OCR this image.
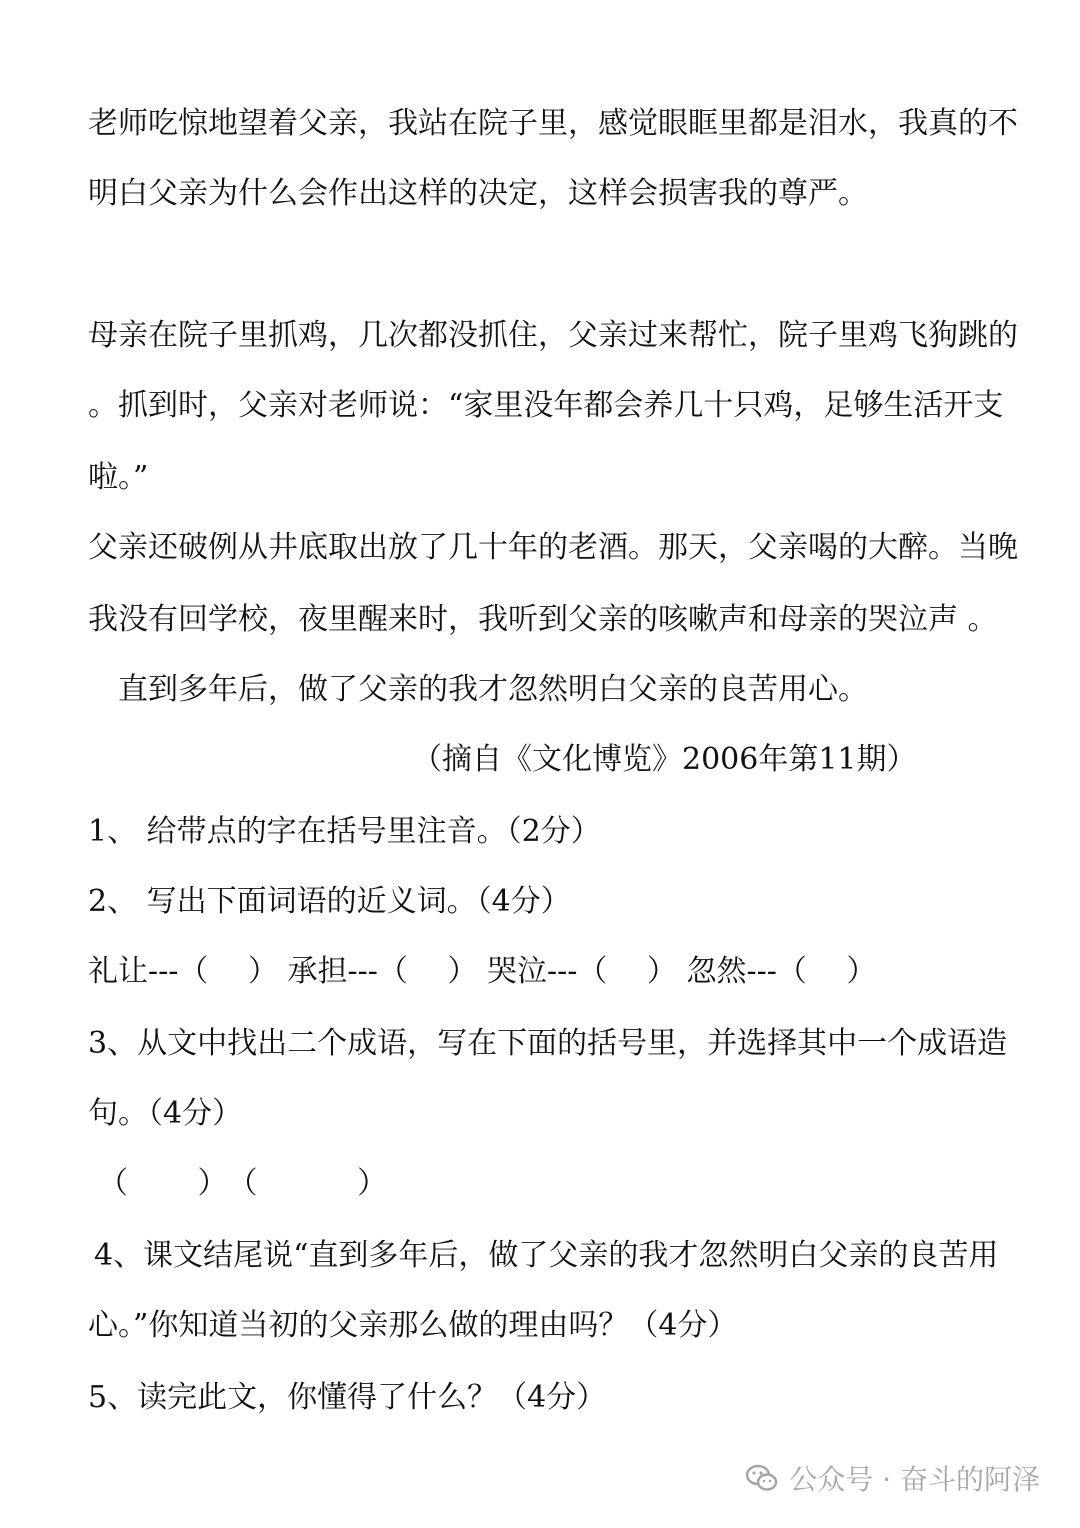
老师吃惊地望着父亲，我站在院子里，感觉眼眶里都是泪水，我真的不
明白父亲为什么会作出这样的决定，这样会损害我的尊严。
母亲在院子里抓鸡，几次都没抓住，父亲过来帮忙，院子里鸡飞狗跳的
。抓到时，父亲对老师说：“家里没年都会养几十只鸡，足够生活开支
啦。”
父亲还破例从井底取出放了几十年的老酒。那天，父亲喝的大醉。当晚
我没有回学校，夜里醒来时，我听到父亲的咳嗽声和母亲的哭泣声 。
直到多年后，做了父亲的我才忽然明白父亲的良苦用心。
（摘自《文化博览》2006年第11期）
1、 给带点的字在括号里注音。（2分）
2、 写出下面词语的近义词。（4分）
礼让---（　 ） 承担---（　 ） 哭泣---（　 ） 忽然---（　 ）
3、从文中找出二个成语，写在下面的括号里，并选择其中一个成语造
句。（4分）
（　　 ）　（　　　 ）
4、课文结尾说“直到多年后，做了父亲的我才忽然明白父亲的良苦用
心。”你知道当初的父亲那么做的理由吗？（4分）
5、读完此文，你懂得了什么？（4分）
公众号 · 奋斗的阿泽
